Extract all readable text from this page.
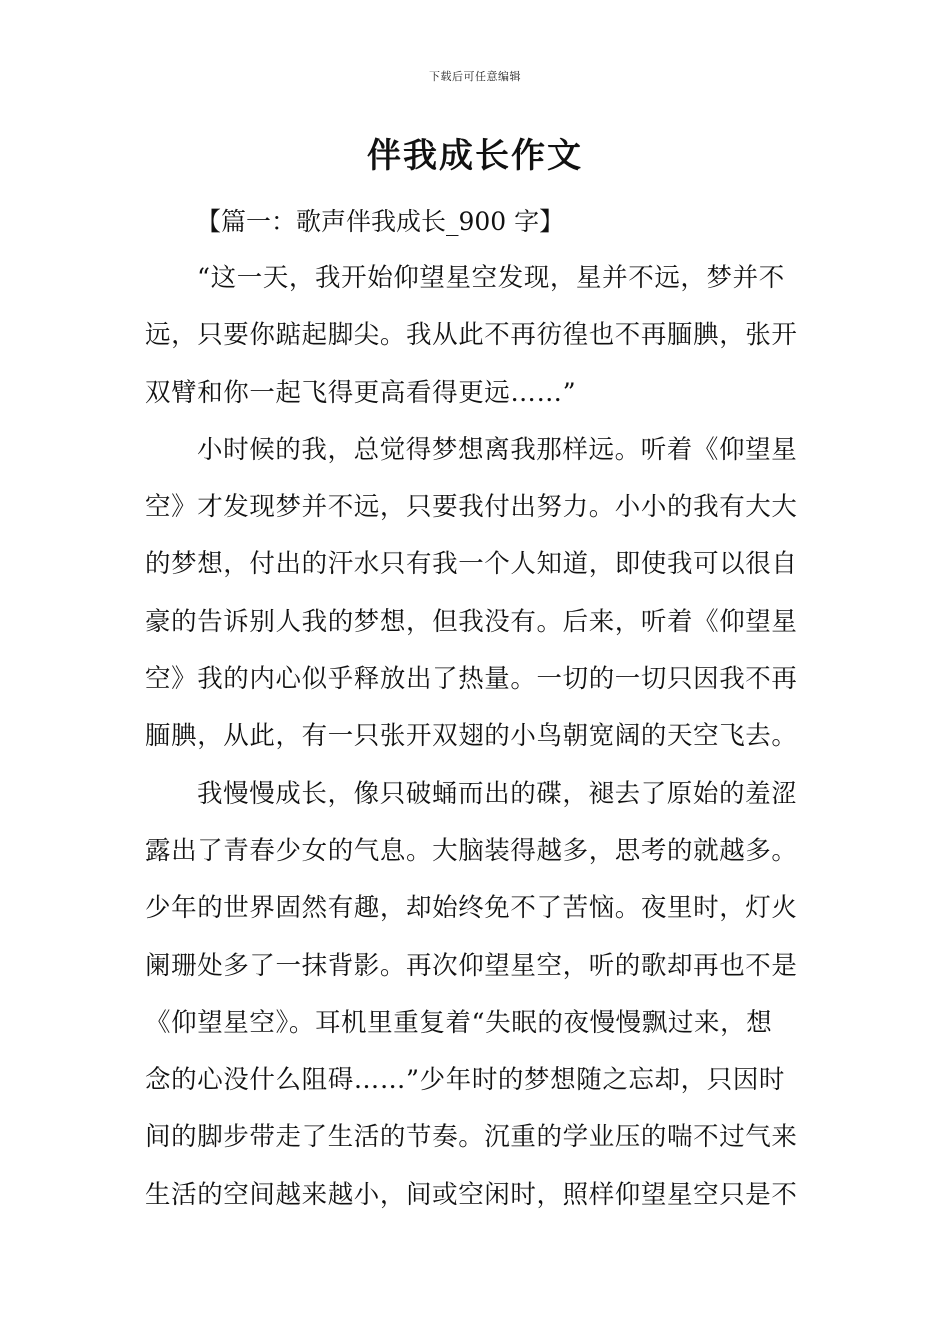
下载后可任意编辑
伴我成长作文
【篇一：歌声伴我成长_900 字】
“这一天，我开始仰望星空发现，星并不远，梦并不
远，只要你踮起脚尖。我从此不再彷徨也不再腼腆，张开
双臂和你一起飞得更高看得更远……”
小时候的我，总觉得梦想离我那样远。听着《仰望星
空》才发现梦并不远，只要我付出努力。小小的我有大大
的梦想，付出的汗水只有我一个人知道，即使我可以很自
豪的告诉别人我的梦想，但我没有。后来，听着《仰望星
空》我的内心似乎释放出了热量。一切的一切只因我不再
腼腆，从此，有一只张开双翅的小鸟朝宽阔的天空飞去。
我慢慢成长，像只破蛹而出的碟，褪去了原始的羞涩
露出了青春少女的气息。大脑装得越多，思考的就越多。
少年的世界固然有趣，却始终免不了苦恼。夜里时，灯火
阑珊处多了一抹背影。再次仰望星空，听的歌却再也不是
《仰望星空》。耳机里重复着“失眠的夜慢慢飘过来，想
念的心没什么阻碍……”少年时的梦想随之忘却，只因时
间的脚步带走了生活的节奏。沉重的学业压的喘不过气来
生活的空间越来越小，间或空闲时，照样仰望星空只是不
